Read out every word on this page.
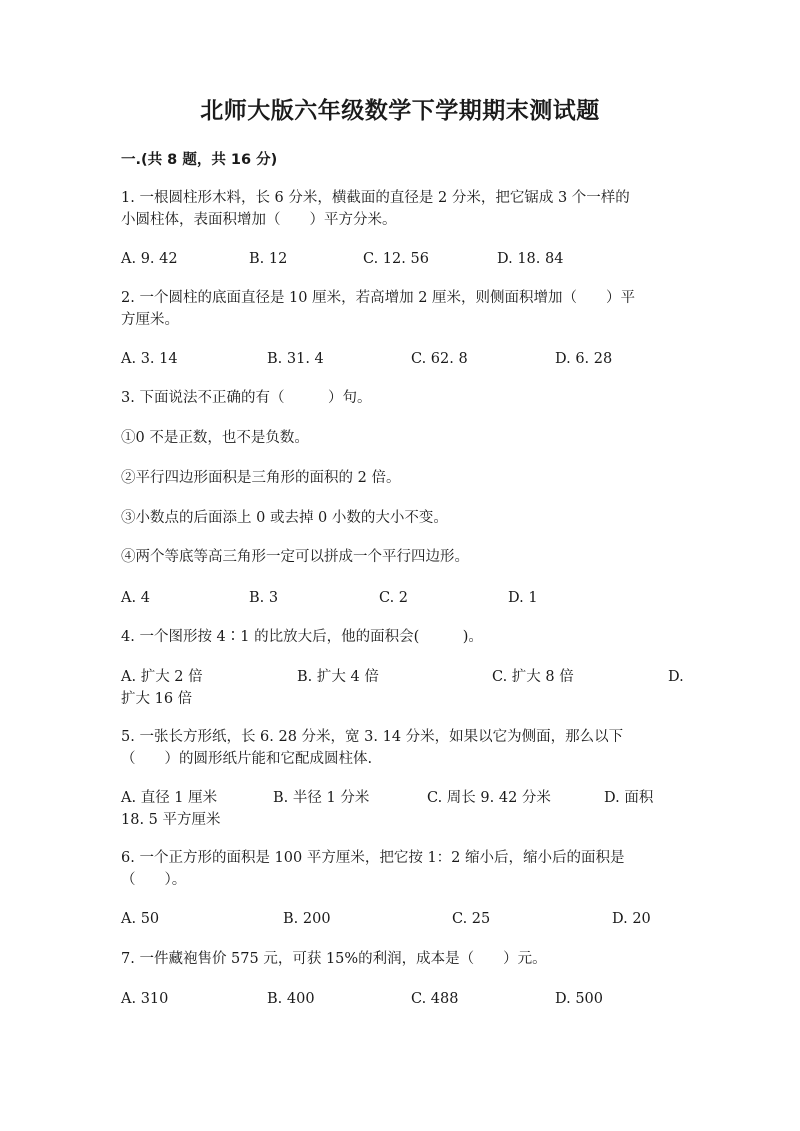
北师大版六年级数学下学期期末测试题
一.(共 8 题，共 16 分)
1. 一根圆柱形木料，长 6 分米，横截面的直径是 2 分米，把它锯成 3 个一样的
小圆柱体，表面积增加（　　）平方分米。
A. 9. 42	B. 12	C. 12. 56	D. 18. 84
2. 一个圆柱的底面直径是 10 厘米，若高增加 2 厘米，则侧面积增加（　　）平
方厘米。
A. 3. 14	B. 31. 4	C. 62. 8	D. 6. 28
3. 下面说法不正确的有（　　　）句。
①0 不是正数，也不是负数。
②平行四边形面积是三角形的面积的 2 倍。
③小数点的后面添上 0 或去掉 0 小数的大小不变。
④两个等底等高三角形一定可以拼成一个平行四边形。
A. 4	B. 3	C. 2	D. 1
4. 一个图形按 4∶1 的比放大后，他的面积会(　　　)。
A. 扩大 2 倍	B. 扩大 4 倍	C. 扩大 8 倍	D.
扩大 16 倍
5. 一张长方形纸，长 6. 28 分米，宽 3. 14 分米，如果以它为侧面，那么以下
（　　）的圆形纸片能和它配成圆柱体.
A. 直径 1 厘米	B. 半径 1 分米	C. 周长 9. 42 分米	D. 面积
18. 5 平方厘米
6. 一个正方形的面积是 100 平方厘米，把它按 1：2 缩小后，缩小后的面积是
（　　）。
A. 50	B. 200	C. 25	D. 20
7. 一件藏袍售价 575 元，可获 15%的利润，成本是（　　）元。
A. 310	B. 400	C. 488	D. 500
